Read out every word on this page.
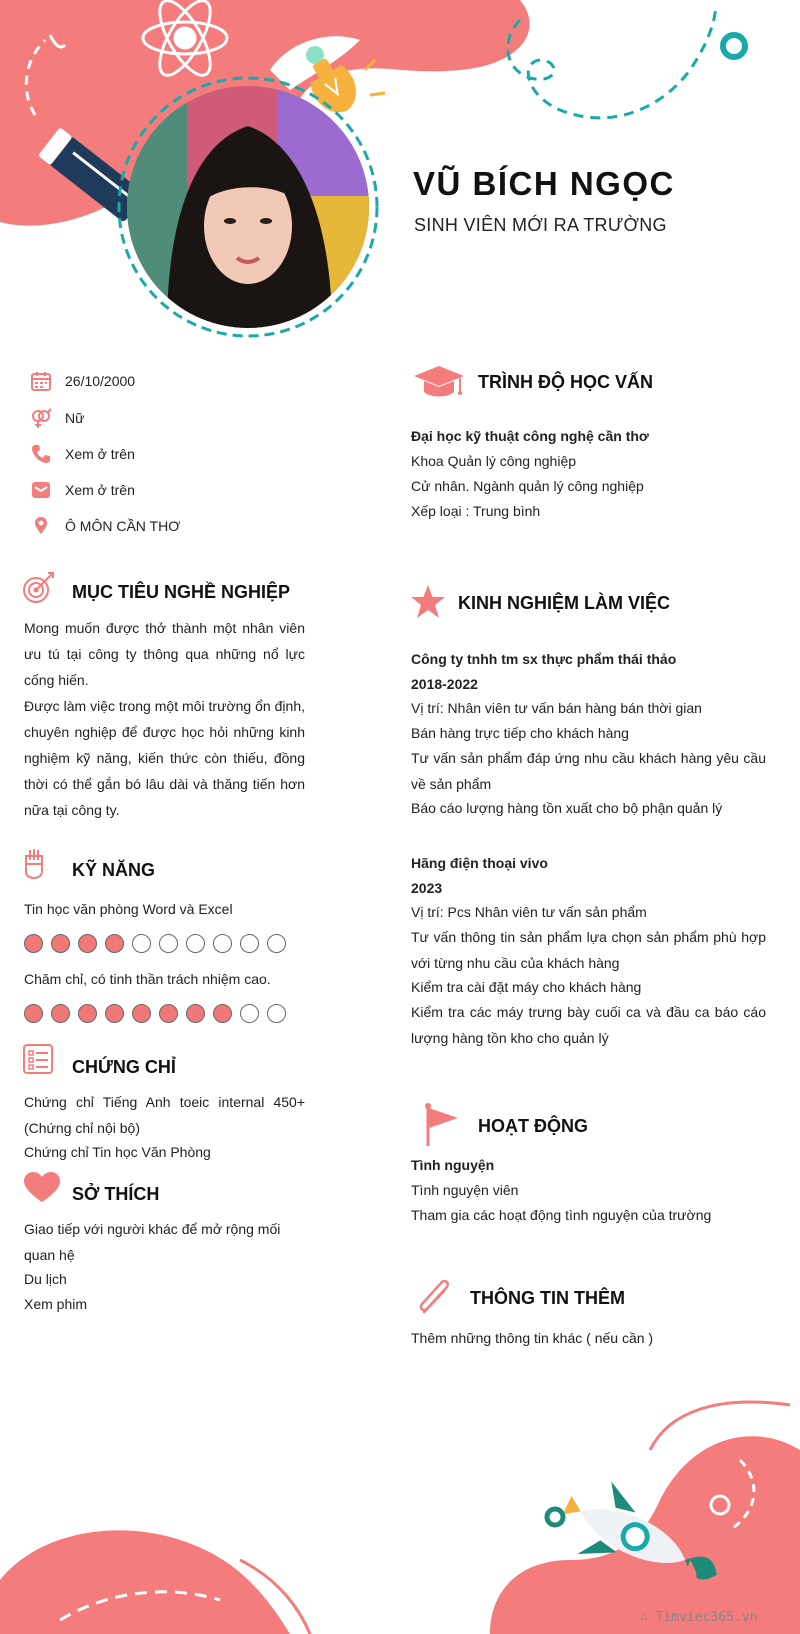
VŨ BÍCH NGỌC
SINH VIÊN MỚI RA TRƯỜNG
26/10/2000
Nữ
Xem ở trên
Xem ở trên
Ô MÔN CẦN THƠ
MỤC TIÊU NGHỀ NGHIỆP
Mong muốn được thở thành một nhân viên ưu tú tại công ty thông qua những nổ lực cống hiến.
Được làm việc trong một môi trường ổn định, chuyên nghiệp để được học hỏi những kinh nghiệm kỹ năng, kiến thức còn thiếu, đồng thời có thể gắn bó lâu dài và thăng tiến hơn nữa tại công ty.
KỸ NĂNG
Tin học văn phòng Word và Excel
Chăm chỉ, có tinh thần trách nhiệm cao.
CHỨNG CHỈ
Chứng chỉ Tiếng Anh toeic internal 450+ (Chứng chỉ nội bộ)
Chứng chỉ Tin học Văn Phòng
SỞ THÍCH
Giao tiếp với người khác để mở rộng mối quan hệ
Du lịch
Xem phim
TRÌNH ĐỘ HỌC VẤN
Đại học kỹ thuật công nghệ cần thơ
Khoa Quản lý công nghiệp
Cử nhân. Ngành quản lý công nghiệp
Xếp loại : Trung bình
KINH NGHIỆM LÀM VIỆC
Công ty tnhh tm sx thực phẩm thái thảo
2018-2022
Vị trí: Nhân viên tư vấn bán hàng bán thời gian
Bán hàng trực tiếp cho khách hàng
Tư vấn sản phẩm đáp ứng nhu cầu khách hàng yêu cầu về sản phẩm
Báo cáo lượng hàng tồn xuất cho bộ phận quản lý
Hãng điện thoại vivo
2023
Vị trí: Pcs Nhân viên tư vấn sản phẩm
Tư vấn thông tin sản phẩm lựa chọn sản phẩm phù hợp với từng nhu cầu của khách hàng
Kiểm tra cài đặt máy cho khách hàng
Kiểm tra các máy trưng bày cuối ca và đầu ca báo cáo lượng hàng tồn kho cho quản lý
HOẠT ĐỘNG
Tình nguyện
Tình nguyện viên
Tham gia các hoạt động tình nguyện của trường
THÔNG TIN THÊM
Thêm những thông tin khác ( nếu cần )
∴ Timviec365.vn
